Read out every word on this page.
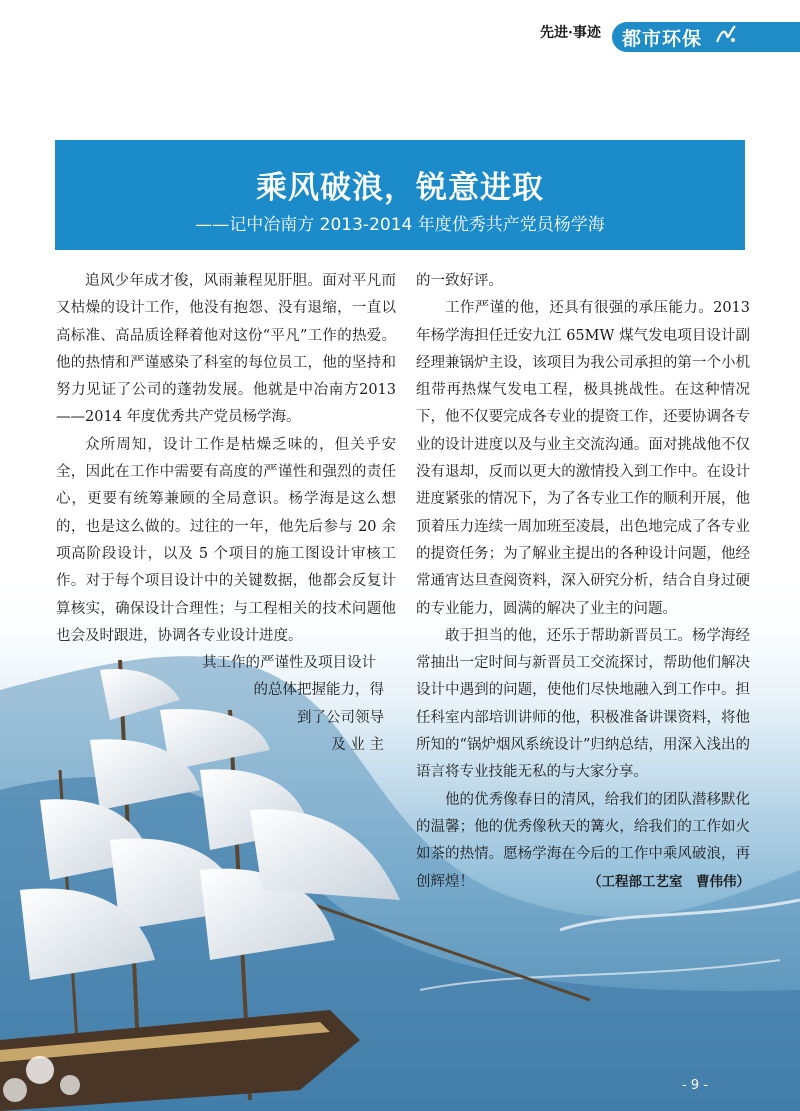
先进·事迹 都市环保
乘风破浪，锐意进取
——记中冶南方 2013-2014 年度优秀共产党员杨学海

追风少年成才俊，风雨兼程见肝胆。面对平凡而又枯燥的设计工作，他没有抱怨、没有退缩，一直以高标准、高品质诠释着他对这份“平凡”工作的热爱。他的热情和严谨感染了科室的每位员工，他的坚持和努力见证了公司的蓬勃发展。他就是中冶南方2013——2014 年度优秀共产党员杨学海。

众所周知，设计工作是枯燥乏味的，但关乎安全，因此在工作中需要有高度的严谨性和强烈的责任心，更要有统筹兼顾的全局意识。杨学海是这么想的，也是这么做的。过往的一年，他先后参与 20 余项高阶段设计，以及 5 个项目的施工图设计审核工作。对于每个项目设计中的关键数据，他都会反复计算核实，确保设计合理性；与工程相关的技术问题他也会及时跟进，协调各专业设计进度。

其工作的严谨性及项目设计

的总体把握能力，得

到了公司领导

及 业 主

的一致好评。

工作严谨的他，还具有很强的承压能力。2013 年杨学海担任迁安九江 65MW 煤气发电项目设计副经理兼锅炉主设，该项目为我公司承担的第一个小机组带再热煤气发电工程，极具挑战性。在这种情况下，他不仅要完成各专业的提资工作，还要协调各专业的设计进度以及与业主交流沟通。面对挑战他不仅没有退却，反而以更大的激情投入到工作中。在设计进度紧张的情况下，为了各专业工作的顺利开展，他顶着压力连续一周加班至凌晨，出色地完成了各专业的提资任务；为了解业主提出的各种设计问题，他经常通宵达旦查阅资料，深入研究分析，结合自身过硬的专业能力，圆满的解决了业主的问题。

敢于担当的他，还乐于帮助新晋员工。杨学海经常抽出一定时间与新晋员工交流探讨，帮助他们解决设计中遇到的问题，使他们尽快地融入到工作中。担任科室内部培训讲师的他，积极准备讲课资料，将他所知的“锅炉烟风系统设计”归纳总结，用深入浅出的语言将专业技能无私的与大家分享。

他的优秀像春日的清风，给我们的团队潜移默化的温馨；他的优秀像秋天的篝火，给我们的工作如火如茶的热情。愿杨学海在今后的工作中乘风破浪，再创辉煌！	（工程部工艺室　曹伟伟）

- 9 -
